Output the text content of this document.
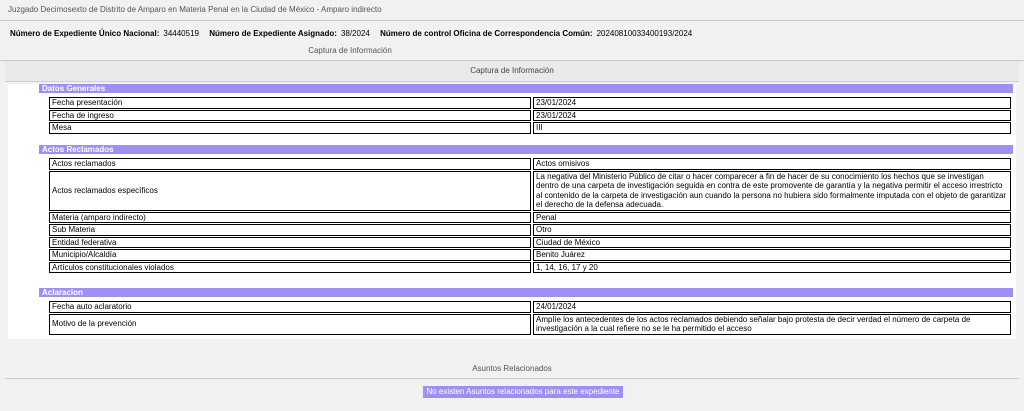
Juzgado Decimosexto de Distrito de Amparo en Materia Penal en la Ciudad de México - Amparo indirecto
Número de Expediente Único Nacional: 34440519 Número de Expediente Asignado: 38/2024 Número de control Oficina de Correspondencia Común: 20240810033400193/2024
Captura de Información
Captura de Información
Datos Generales
Fecha presentación	23/01/2024
Fecha de ingreso	23/01/2024
Mesa	III
Actos Reclamados
Actos reclamados	Actos omisivos
Actos reclamados específicos	La negativa del Ministerio Público de citar o hacer comparecer a fin de hacer de su conocimiento los hechos que se investigan dentro de una carpeta de investigación seguida en contra de este promovente de garantía y la negativa permitir el acceso irrestricto al contenido de la carpeta de investigación aun cuando la persona no hubiera sido formalmente imputada con el objeto de garantizar el derecho de la defensa adecuada.
Materia (amparo indirecto)	Penal
Sub Materia	Otro
Entidad federativa	Ciudad de México
Municipio/Alcaldía	Benito Juárez
Artículos constitucionales violados	1, 14, 16, 17 y 20
Aclaracion
Fecha auto aclaratorio	24/01/2024
Motivo de la prevención	Amplíe los antecedentes de los actos reclamados debiendo señalar bajo protesta de decir verdad el número de carpeta de investigación a la cual refiere no se le ha permitido el acceso
Asuntos Relacionados
No existen Asuntos relacionados para este expediente
